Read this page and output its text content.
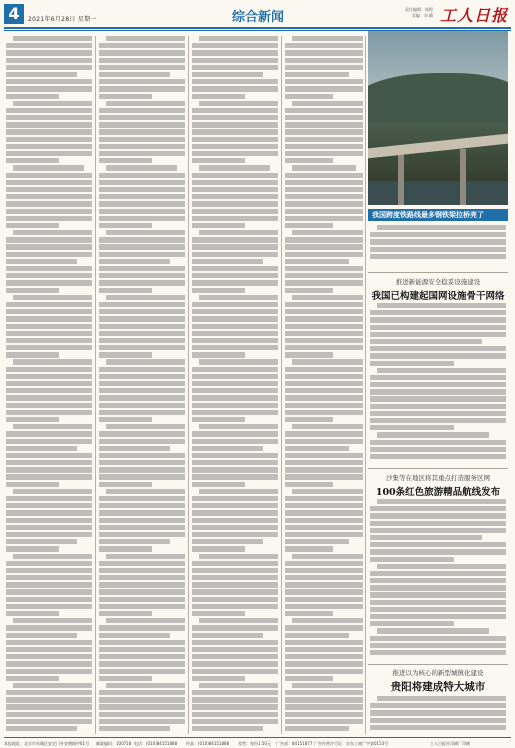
4	2021年6月28日 星期一	综合新闻
责任编辑：杨程
美编：刘 璐 工人日报
我国跨度铁路线最多钢铁梁拉桥亮了
推进新能源安全稳妥设施建设
我国已构建起国网设施骨干网络
沙集等在地区将其重点打造服务区网
100条红色旅游精品航线发布
推进以为核心的新型城镇化建设
贵阳将建成特大城市
本报地址：北京市东城区安定门外安德路甲61号 邮政编码：100718 电话：(010)84151888 传真：(010)84151888 零售：每份1.50元 广告部：84151877 广告经营许可证：京东工商广字第0153号	工人日报社印刷厂印刷
